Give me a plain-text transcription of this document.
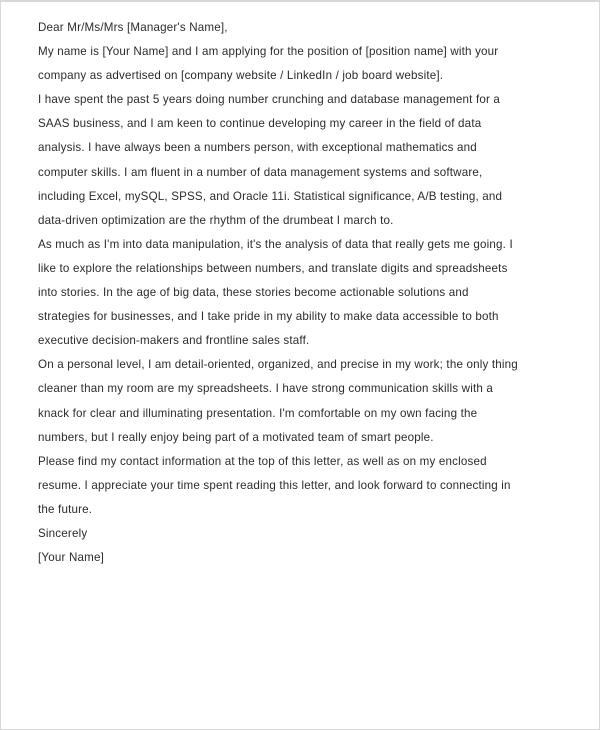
Dear Mr/Ms/Mrs [Manager's Name],
My name is [Your Name] and I am applying for the position of [position name] with your
company as advertised on [company website / LinkedIn / job board website].
I have spent the past 5 years doing number crunching and database management for a
SAAS business, and I am keen to continue developing my career in the field of data
analysis. I have always been a numbers person, with exceptional mathematics and
computer skills. I am fluent in a number of data management systems and software,
including Excel, mySQL, SPSS, and Oracle 11i. Statistical significance, A/B testing, and
data-driven optimization are the rhythm of the drumbeat I march to.
As much as I'm into data manipulation, it's the analysis of data that really gets me going. I
like to explore the relationships between numbers, and translate digits and spreadsheets
into stories. In the age of big data, these stories become actionable solutions and
strategies for businesses, and I take pride in my ability to make data accessible to both
executive decision-makers and frontline sales staff.
On a personal level, I am detail-oriented, organized, and precise in my work; the only thing
cleaner than my room are my spreadsheets. I have strong communication skills with a
knack for clear and illuminating presentation. I'm comfortable on my own facing the
numbers, but I really enjoy being part of a motivated team of smart people.
Please find my contact information at the top of this letter, as well as on my enclosed
resume. I appreciate your time spent reading this letter, and look forward to connecting in
the future.
Sincerely
[Your Name]
